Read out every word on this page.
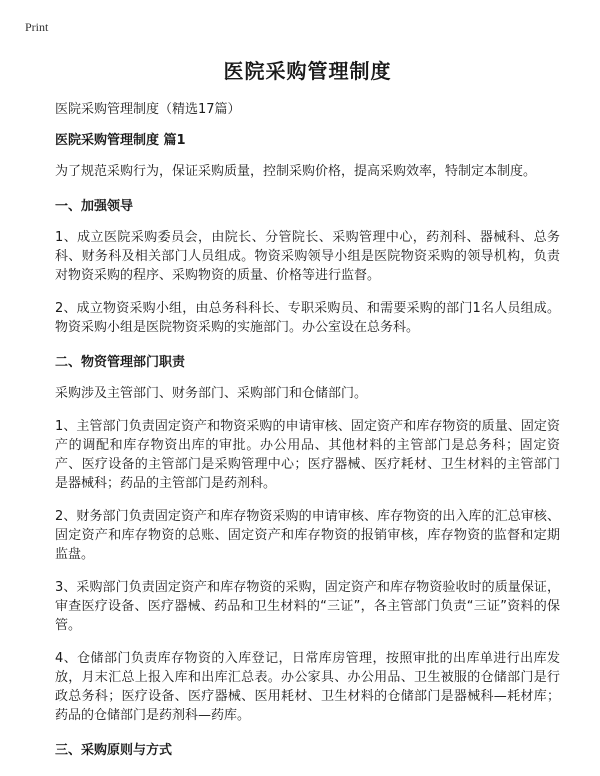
Print
医院采购管理制度

医院采购管理制度（精选17篇）

医院采购管理制度 篇1

为了规范采购行为，保证采购质量，控制采购价格，提高采购效率，特制定本制度。

一、加强领导

1、成立医院采购委员会，由院长、分管院长、采购管理中心，药剂科、器械科、总务科、财务科及相关部门人员组成。物资采购领导小组是医院物资采购的领导机构，负责对物资采购的程序、采购物资的质量、价格等进行监督。

2、成立物资采购小组，由总务科科长、专职采购员、和需要采购的部门1名人员组成。物资采购小组是医院物资采购的实施部门。办公室设在总务科。

二、物资管理部门职责

采购涉及主管部门、财务部门、采购部门和仓储部门。

1、主管部门负责固定资产和物资采购的申请审核、固定资产和库存物资的质量、固定资产的调配和库存物资出库的审批。办公用品、其他材料的主管部门是总务科；固定资产、医疗设备的主管部门是采购管理中心；医疗器械、医疗耗材、卫生材料的主管部门是器械科；药品的主管部门是药剂科。

2、财务部门负责固定资产和库存物资采购的申请审核、库存物资的出入库的汇总审核、固定资产和库存物资的总账、固定资产和库存物资的报销审核，库存物资的监督和定期监盘。

3、采购部门负责固定资产和库存物资的采购，固定资产和库存物资验收时的质量保证，审查医疗设备、医疗器械、药品和卫生材料的“三证”，各主管部门负责“三证”资料的保管。

4、仓储部门负责库存物资的入库登记，日常库房管理，按照审批的出库单进行出库发放，月末汇总上报入库和出库汇总表。办公家具、办公用品、卫生被服的仓储部门是行政总务科；医疗设备、医疗器械、医用耗材、卫生材料的仓储部门是器械科—耗材库；药品的仓储部门是药剂科—药库。

三、采购原则与方式
